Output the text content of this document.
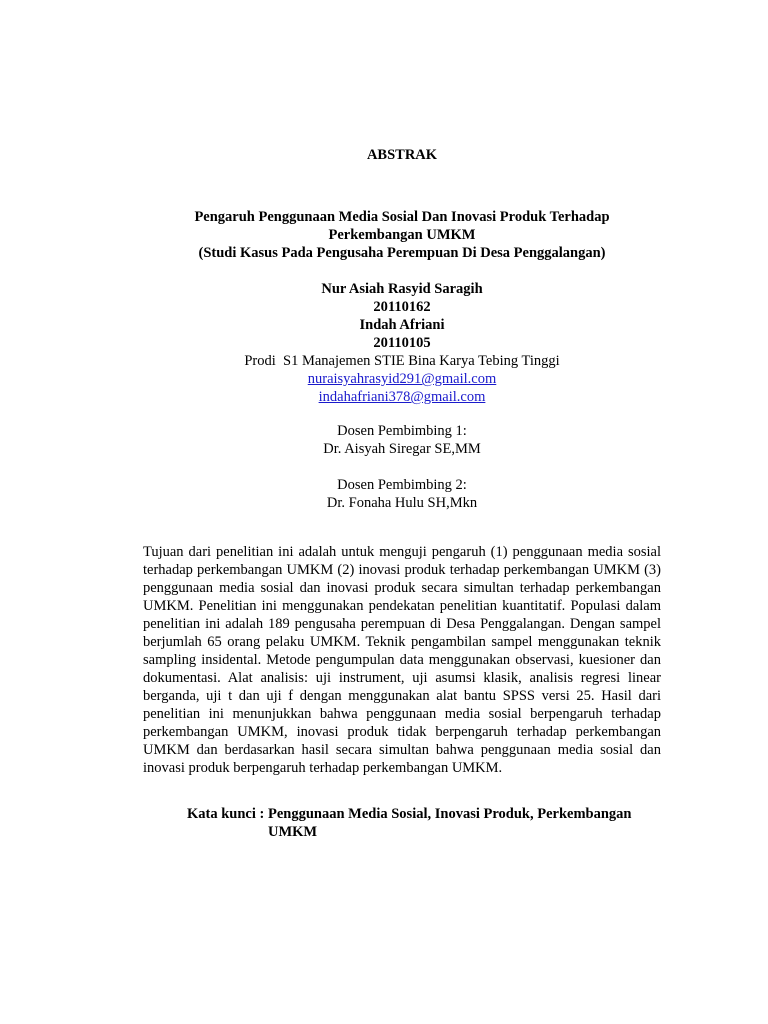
ABSTRAK
Pengaruh Penggunaan Media Sosial Dan Inovasi Produk Terhadap
Perkembangan UMKM
(Studi Kasus Pada Pengusaha Perempuan Di Desa Penggalangan)
Nur Asiah Rasyid Saragih
20110162
Indah Afriani
20110105
Prodi  S1 Manajemen STIE Bina Karya Tebing Tinggi
nuraisyahrasyid291@gmail.com
indahafriani378@gmail.com
Dosen Pembimbing 1:
Dr. Aisyah Siregar SE,MM
Dosen Pembimbing 2:
Dr. Fonaha Hulu SH,Mkn

Tujuan dari penelitian ini adalah untuk menguji pengaruh (1) penggunaan media sosial terhadap perkembangan UMKM (2) inovasi produk terhadap perkembangan UMKM (3) penggunaan media sosial dan inovasi produk secara simultan terhadap perkembangan UMKM. Penelitian ini menggunakan pendekatan penelitian kuantitatif. Populasi dalam penelitian ini adalah 189 pengusaha perempuan di Desa Penggalangan. Dengan sampel berjumlah 65 orang pelaku UMKM. Teknik pengambilan sampel menggunakan teknik sampling insidental. Metode pengumpulan data menggunakan observasi, kuesioner dan dokumentasi. Alat analisis: uji instrument, uji asumsi klasik, analisis regresi linear berganda, uji t dan uji f dengan menggunakan alat bantu SPSS versi 25. Hasil dari penelitian ini menunjukkan bahwa penggunaan media sosial berpengaruh terhadap perkembangan UMKM, inovasi produk tidak berpengaruh terhadap perkembangan UMKM dan berdasarkan hasil secara simultan bahwa penggunaan media sosial dan inovasi produk berpengaruh terhadap perkembangan UMKM.

Kata kunci : Penggunaan Media Sosial, Inovasi Produk, Perkembangan UMKM
